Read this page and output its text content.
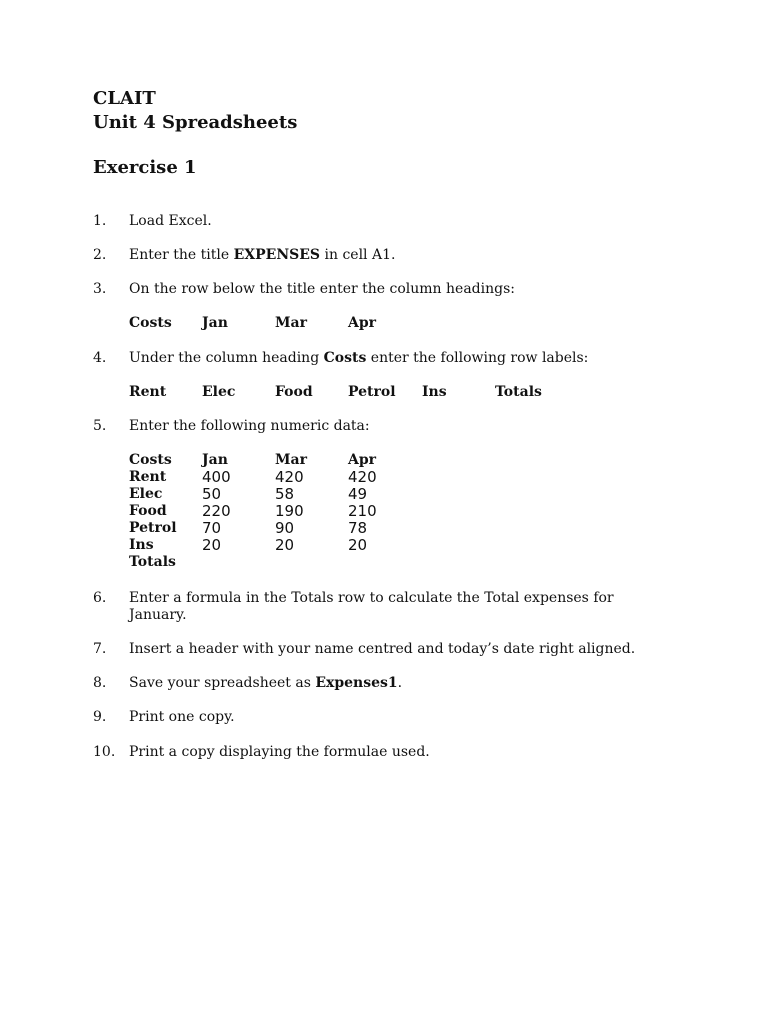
CLAIT
Unit 4 Spreadsheets
Exercise 1
1. Load Excel.
2. Enter the title EXPENSES in cell A1.
3. On the row below the title enter the column headings:
Costs Jan	Mar	Apr
4. Under the column heading Costs enter the following row labels:
Rent	Elec	Food	Petrol Ins	Totals
5. Enter the following numeric data:
Costs Jan	Mar	Apr
Rent 400	420	420
Elec	50	58	49
Food 220	190	210
Petrol 70	90	78
Ins	20	20	20
Totals
6. Enter a formula in the Totals row to calculate the Total expenses for
January.
7. Insert a header with your name centred and today’s date right aligned.
8. Save your spreadsheet as Expenses1.
9. Print one copy.
10. Print a copy displaying the formulae used.
